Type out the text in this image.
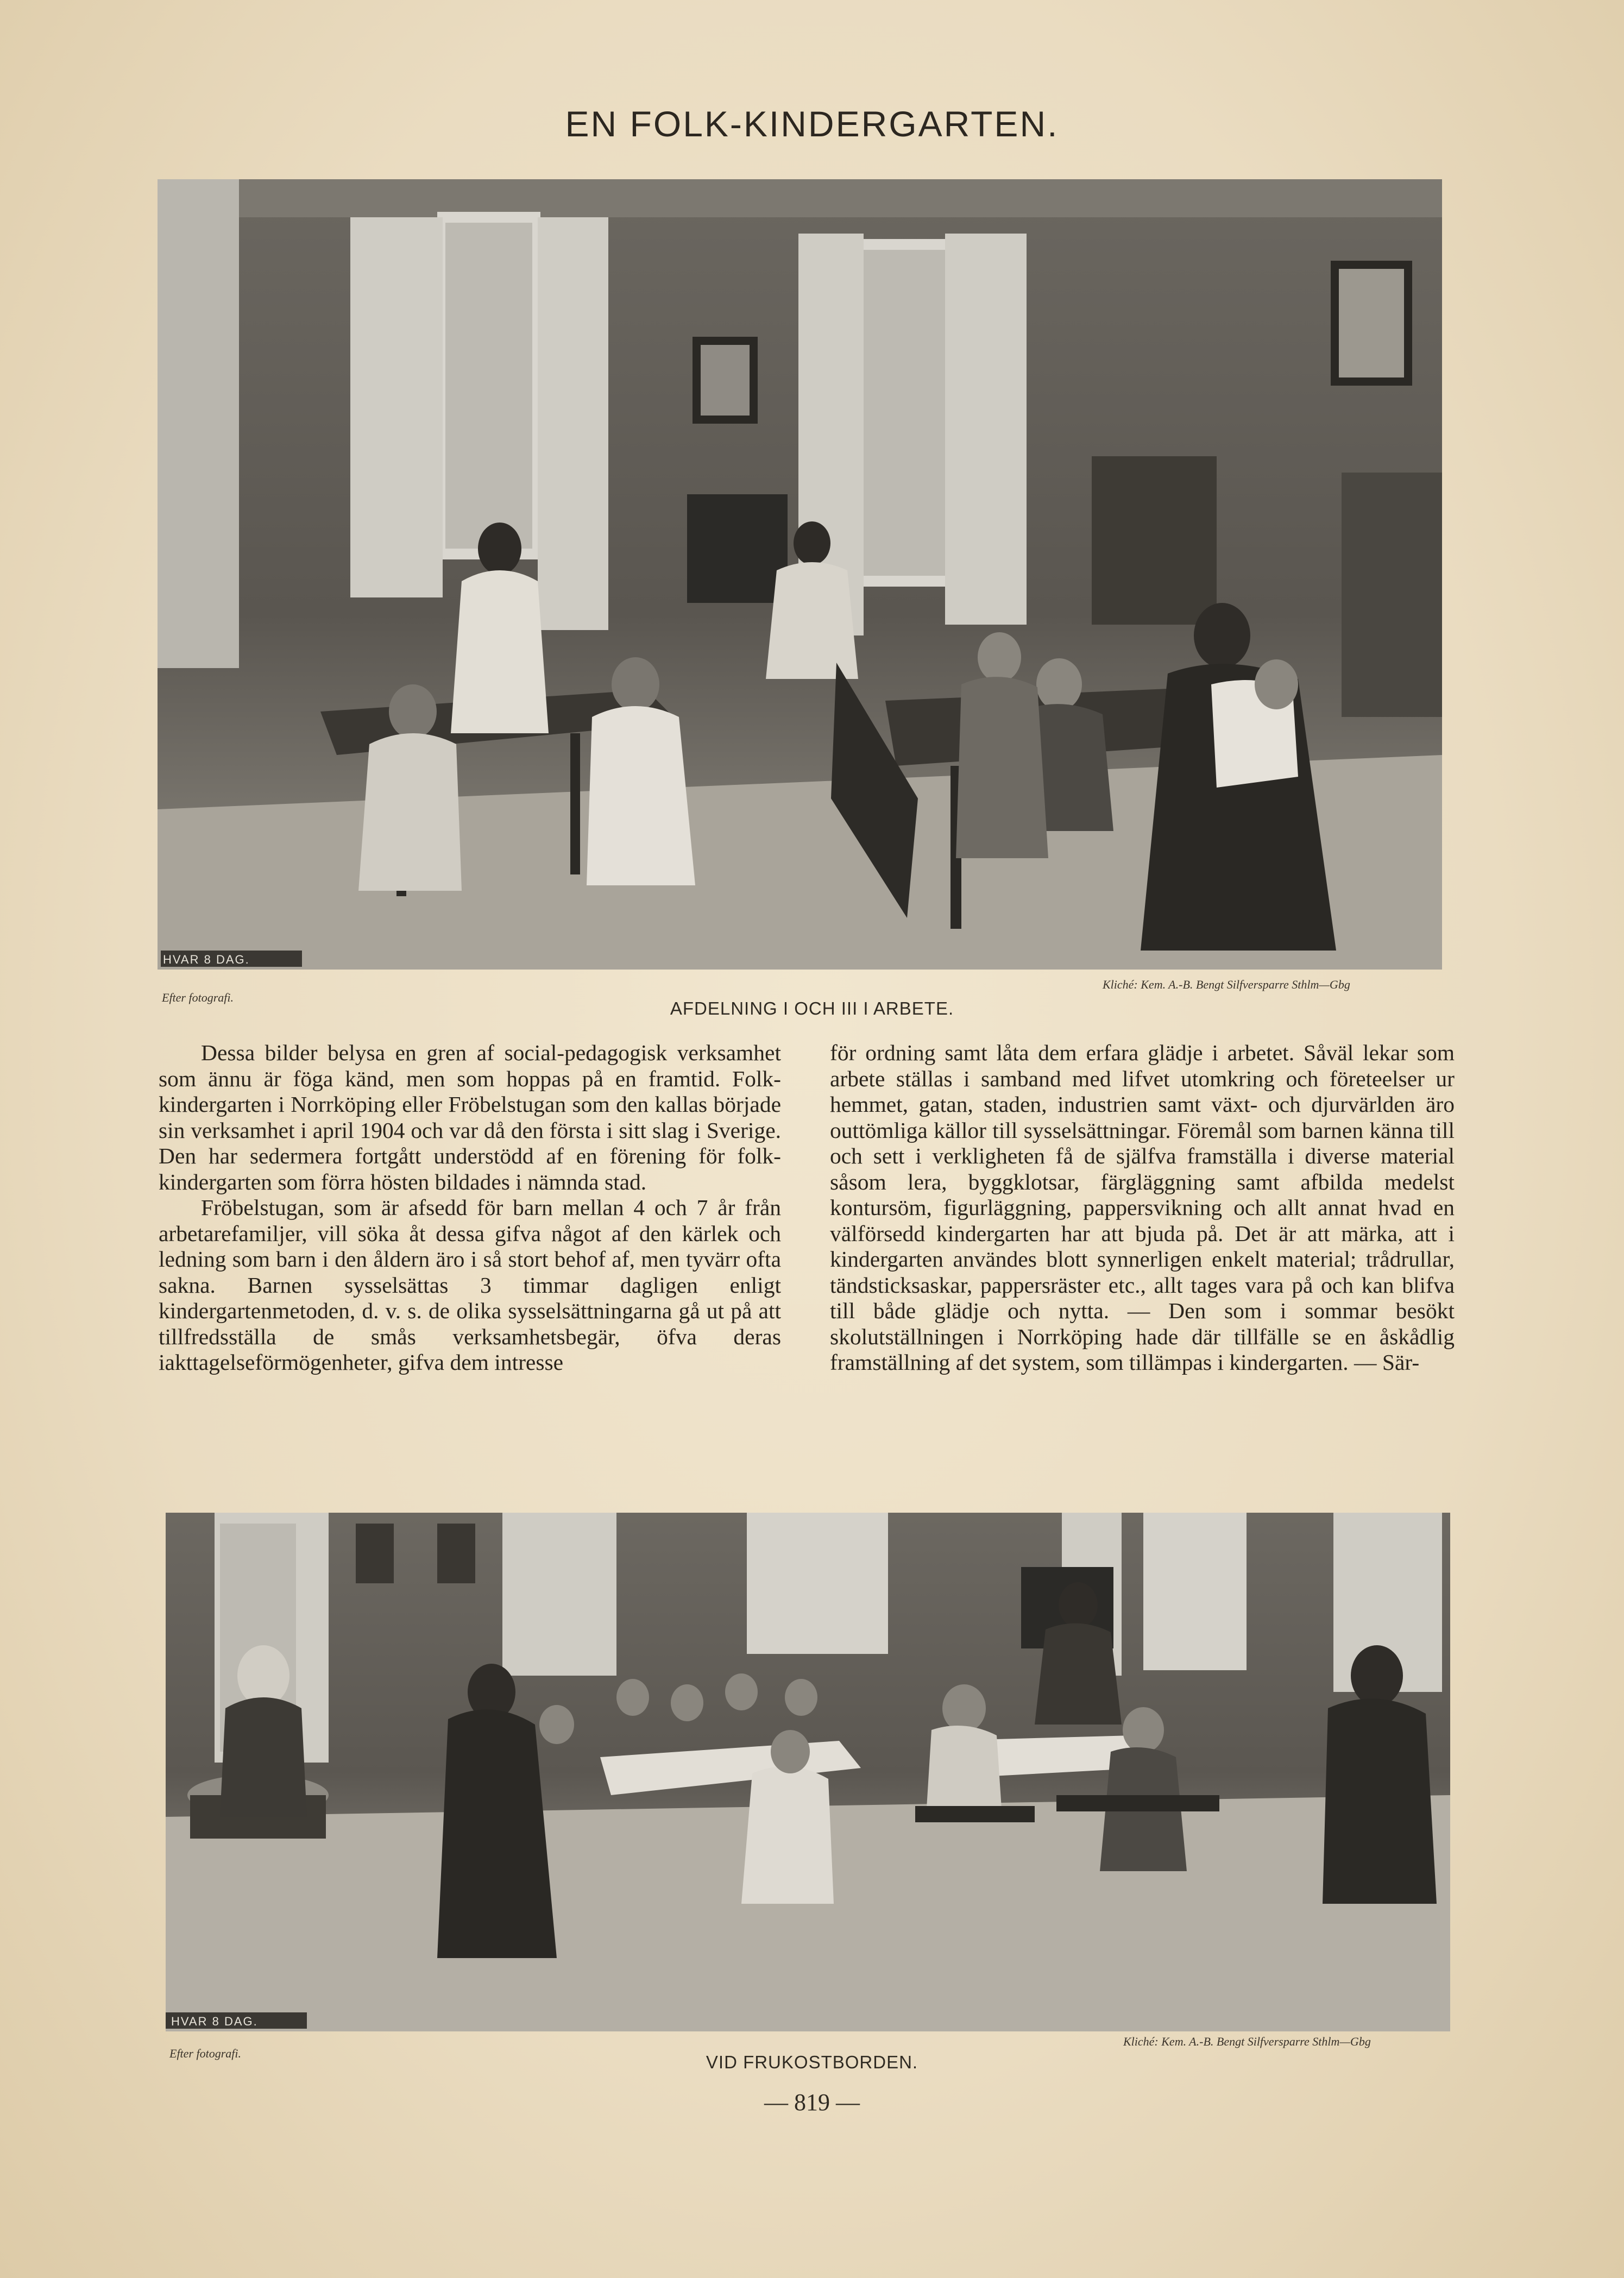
EN FOLK-KINDERGARTEN.
HVAR 8 DAG.
Efter fotografi.
Kliché: Kem. A.-B. Bengt Silfversparre Sthlm—Gbg
AFDELNING I OCH III I ARBETE.

Dessa bilder belysa en gren af social-pedagogisk verksamhet som ännu är föga känd, men som hoppas på en framtid. Folk-kindergarten i Norrköping eller Fröbelstugan som den kallas började sin verksamhet i april 1904 och var då den första i sitt slag i Sverige. Den har sedermera fortgått understödd af en förening för folk-kindergarten som förra hösten bildades i nämnda stad.

Fröbelstugan, som är afsedd för barn mellan 4 och 7 år från arbetarefamiljer, vill söka åt dessa gifva något af den kärlek och ledning som barn i den åldern äro i så stort behof af, men tyvärr ofta sakna. Barnen sysselsättas 3 timmar dagligen enligt kindergartenmetoden, d. v. s. de olika sysselsättningarna gå ut på att tillfredsställa de smås verksamhetsbegär, öfva deras iakttagelseförmögenheter, gifva dem intresse

för ordning samt låta dem erfara glädje i arbetet. Såväl lekar som arbete ställas i samband med lifvet utomkring och företeelser ur hemmet, gatan, staden, industrien samt växt- och djurvärlden äro outtömliga källor till sysselsättningar. Föremål som barnen känna till och sett i verkligheten få de själfva framställa i diverse material såsom lera, byggklotsar, färgläggning samt afbilda medelst kontursöm, figurläggning, pappersvikning och allt annat hvad en välförsedd kindergarten har att bjuda på. Det är att märka, att i kindergarten användes blott synnerligen enkelt material; trådrullar, tändsticksaskar, pappersräster etc., allt tages vara på och kan blifva till både glädje och nytta. — Den som i sommar besökt skolutställningen i Norrköping hade där tillfälle se en åskådlig framställning af det system, som tillämpas i kindergarten. — Sär-

HVAR 8 DAG.
Efter fotografi.
Kliché: Kem. A.-B. Bengt Silfversparre Sthlm—Gbg
VID FRUKOSTBORDEN.
— 819 —
